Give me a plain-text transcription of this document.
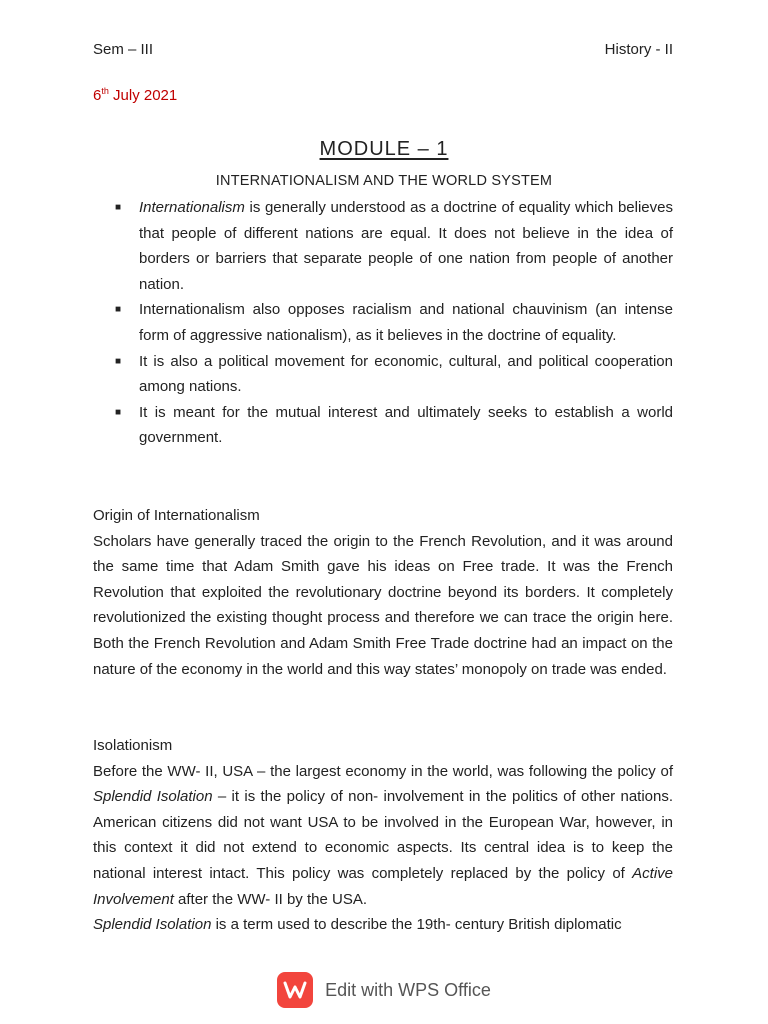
Sem – III	History - II
6th July 2021
MODULE – 1
INTERNATIONALISM AND THE WORLD SYSTEM
■ Internationalism is generally understood as a doctrine of equality which believes that people of different nations are equal. It does not believe in the idea of borders or barriers that separate people of one nation from people of another nation.
■ Internationalism also opposes racialism and national chauvinism (an intense form of aggressive nationalism), as it believes in the doctrine of equality.
■ It is also a political movement for economic, cultural, and political cooperation among nations.
■ It is meant for the mutual interest and ultimately seeks to establish a world government.
Origin of Internationalism

Scholars have generally traced the origin to the French Revolution, and it was around the same time that Adam Smith gave his ideas on Free trade. It was the French Revolution that exploited the revolutionary doctrine beyond its borders. It completely revolutionized the existing thought process and therefore we can trace the origin here. Both the French Revolution and Adam Smith Free Trade doctrine had an impact on the nature of the economy in the world and this way states’ monopoly on trade was ended.

Isolationism

Before the WW- II, USA – the largest economy in the world, was following the policy of Splendid Isolation – it is the policy of non- involvement in the politics of other nations. American citizens did not want USA to be involved in the European War, however, in this context it did not extend to economic aspects. Its central idea is to keep the national interest intact. This policy was completely replaced by the policy of Active Involvement after the WW- II by the USA.

Splendid Isolation is a term used to describe the 19th- century British diplomatic

Edit with WPS Office
